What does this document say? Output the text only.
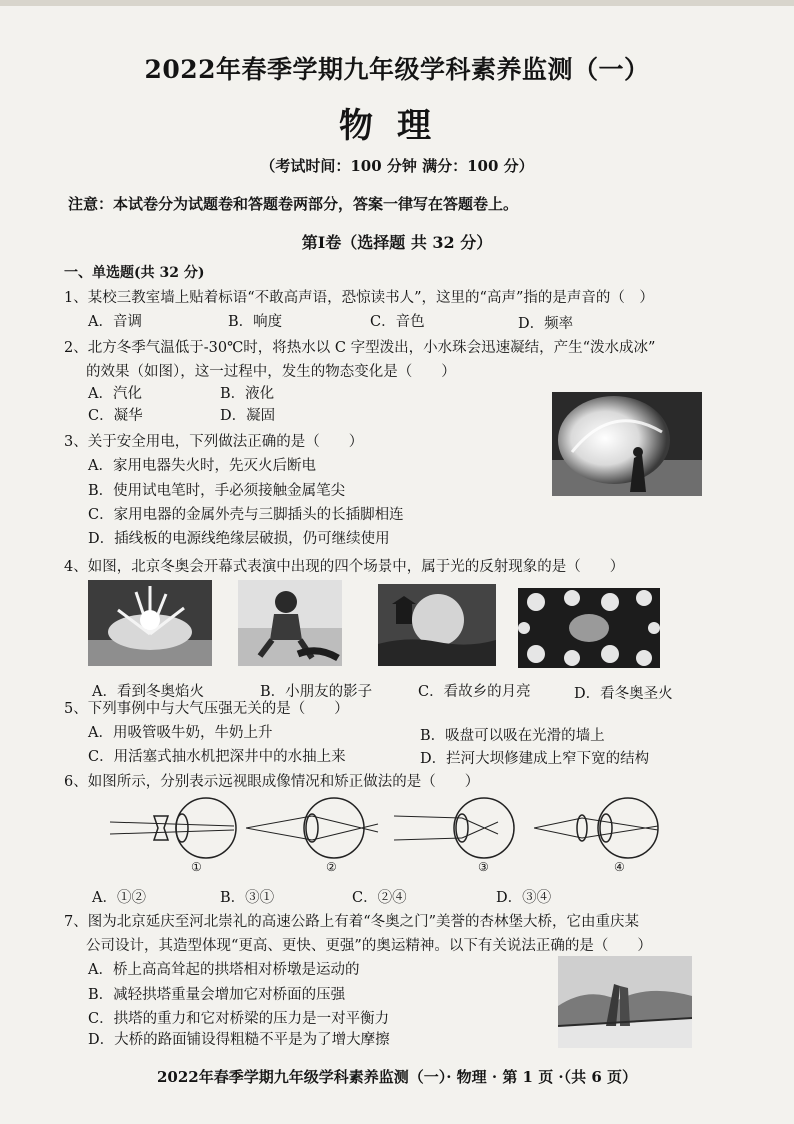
2022年春季学期九年级学科素养监测（一）
物理
（考试时间：100 分钟 满分：100 分）
注意：本试卷分为试题卷和答题卷两部分，答案一律写在答题卷上。
第Ⅰ卷（选择题 共 32 分）
一、单选题(共 32 分)
1、某校三教室墙上贴着标语“不敢高声语，恐惊读书人”，这里的“高声”指的是声音的（　）
A．音调	B．响度	C．音色	D．频率
2、北方冬季气温低于-30℃时，将热水以 C 字型泼出，小水珠会迅速凝结，产生“泼水成冰”
的效果（如图），这一过程中，发生的物态变化是（　　）
A．汽化	B．液化
C．凝华	D．凝固
3、关于安全用电，下列做法正确的是（　　）
A．家用电器失火时，先灭火后断电
B．使用试电笔时，手必须接触金属笔尖
C．家用电器的金属外壳与三脚插头的长插脚相连
D．插线板的电源线绝缘层破损，仍可继续使用
4、如图，北京冬奥会开幕式表演中出现的四个场景中，属于光的反射现象的是（　　）
A．看到冬奥焰火	B．小朋友的影子	C．看故乡的月亮	D．看冬奥圣火
5、下列事例中与大气压强无关的是（　　）
A．用吸管吸牛奶，牛奶上升	B．吸盘可以吸在光滑的墙上
C．用活塞式抽水机把深井中的水抽上来	D．拦河大坝修建成上窄下宽的结构
6、如图所示，分别表示远视眼成像情况和矫正做法的是（　　）
①	②	③	④
A．①②	B．③①	C．②④	D．③④
7、图为北京延庆至河北崇礼的高速公路上有着“冬奥之门”美誉的杏林堡大桥，它由重庆某
公司设计，其造型体现“更高、更快、更强”的奥运精神。以下有关说法正确的是（　　）
A．桥上高高耸起的拱塔相对桥墩是运动的
B．减轻拱塔重量会增加它对桥面的压强
C．拱塔的重力和它对桥梁的压力是一对平衡力
D．大桥的路面铺设得粗糙不平是为了增大摩擦
2022年春季学期九年级学科素养监测（一）· 物理 · 第 1 页 ·（共 6 页）
